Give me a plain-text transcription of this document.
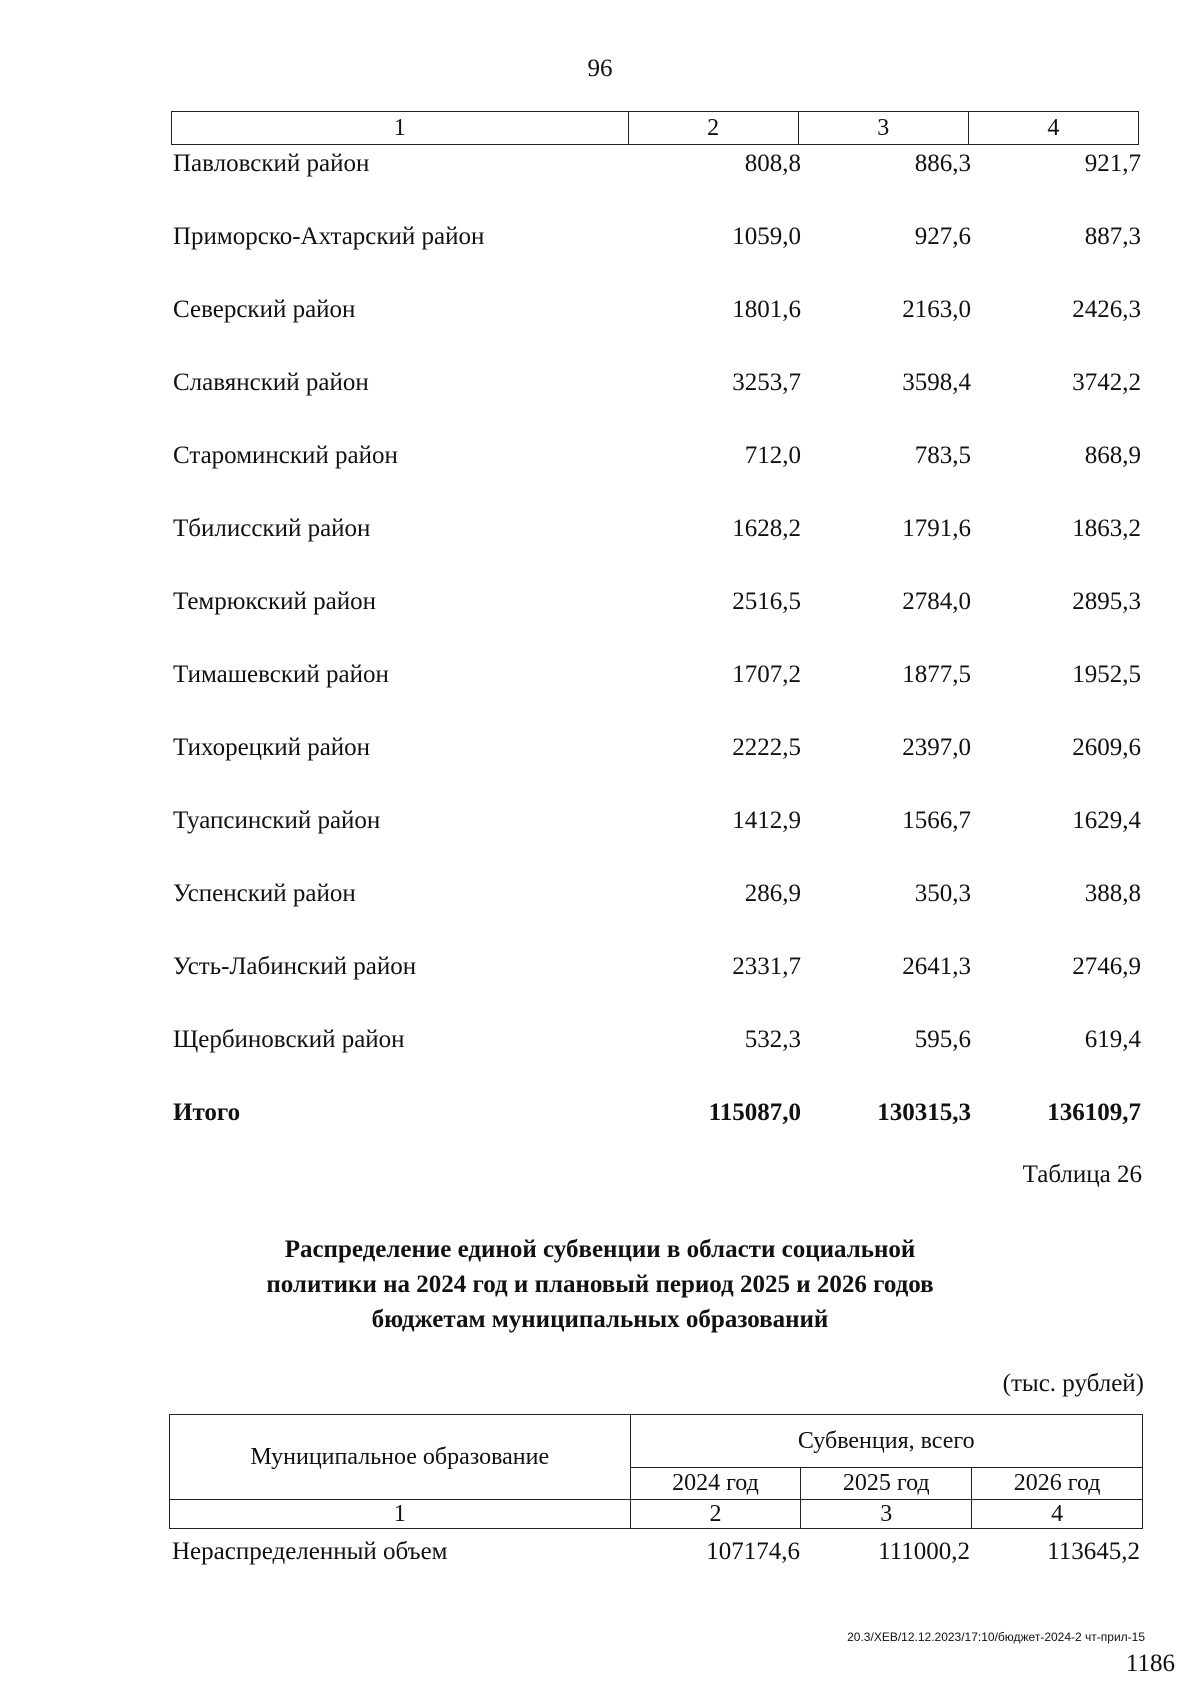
96
1	2	3	4
Павловский район	808,8	886,3	921,7
Приморско-Ахтарский район	1059,0	927,6	887,3
Северский район	1801,6	2163,0	2426,3
Славянский район	3253,7	3598,4	3742,2
Староминский район	712,0	783,5	868,9
Тбилисский район	1628,2	1791,6	1863,2
Темрюкский район	2516,5	2784,0	2895,3
Тимашевский район	1707,2	1877,5	1952,5
Тихорецкий район	2222,5	2397,0	2609,6
Туапсинский район	1412,9	1566,7	1629,4
Успенский район	286,9	350,3	388,8
Усть-Лабинский район	2331,7	2641,3	2746,9
Щербиновский район	532,3	595,6	619,4
Итого	115087,0	130315,3	136109,7
Таблица 26
Распределение единой субвенции в области социальной
политики на 2024 год и плановый период 2025 и 2026 годов
бюджетам муниципальных образований
(тыс. рублей)
Муниципальное образование	Субвенция, всего		
	2024 год	2025 год	2026 год
1	2	3	4
Нераспределенный объем	107174,6	111000,2	113645,2
20.3/ХЕВ/12.12.2023/17:10/бюджет-2024-2 чт-прил-15
1186
